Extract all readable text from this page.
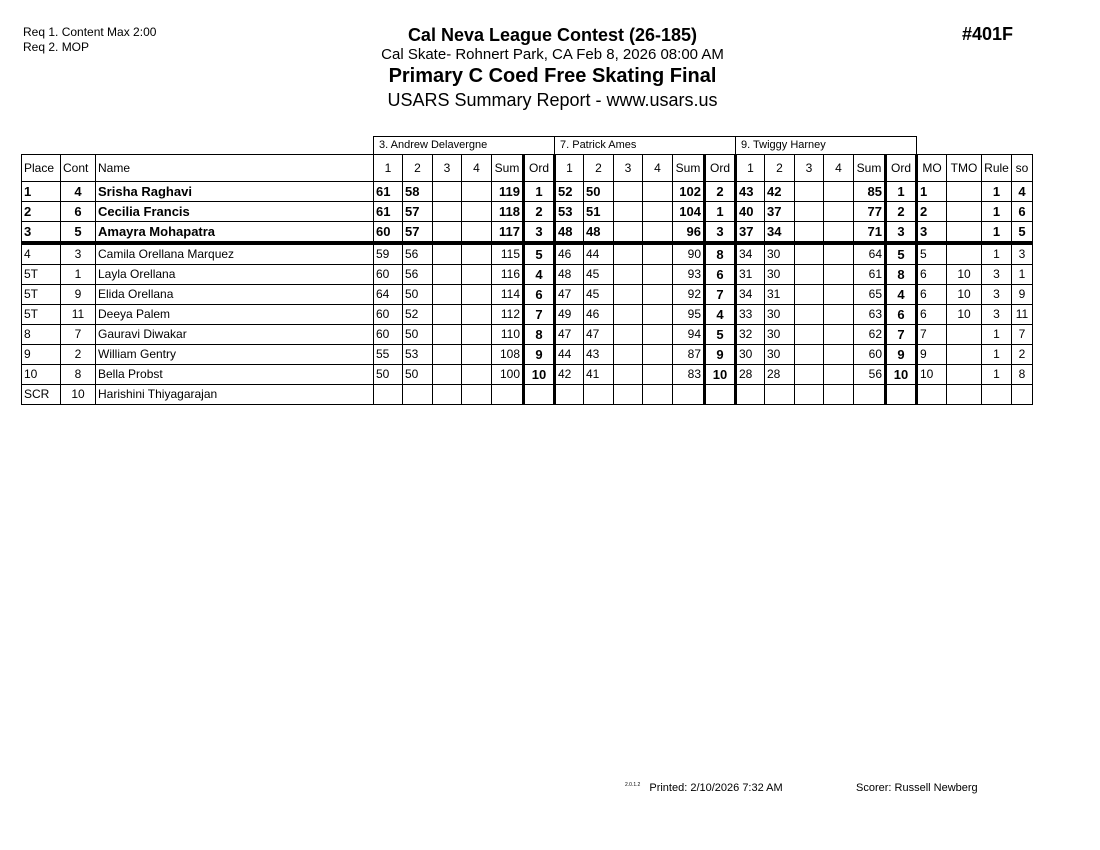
Req 1. Content Max 2:00
Req 2. MOP
Cal Neva League Contest (26-185)
Cal Skate- Rohnert Park, CA Feb 8, 2026 08:00 AM
Primary C Coed Free Skating Final
USARS Summary Report - www.usars.us
#401F
			3. Andrew Delavergne						7. Patrick Ames						9. Twiggy Harney									
Place	Cont	Name	1	2	3	4	Sum	Ord	1	2	3	4	Sum	Ord	1	2	3	4	Sum	Ord	MO	TMO	Rule	so
1	4	Srisha Raghavi	61	58			119	1	52	50			102	2	43	42			85	1	1		1	4
2	6	Cecilia Francis	61	57			118	2	53	51			104	1	40	37			77	2	2		1	6
3	5	Amayra Mohapatra	60	57			117	3	48	48			96	3	37	34			71	3	3		1	5
4	3	Camila Orellana Marquez	59	56			115	5	46	44			90	8	34	30			64	5	5		1	3
5T	1	Layla Orellana	60	56			116	4	48	45			93	6	31	30			61	8	6	10	3	1
5T	9	Elida Orellana	64	50			114	6	47	45			92	7	34	31			65	4	6	10	3	9
5T	11	Deeya Palem	60	52			112	7	49	46			95	4	33	30			63	6	6	10	3	11
8	7	Gauravi Diwakar	60	50			110	8	47	47			94	5	32	30			62	7	7		1	7
9	2	William Gentry	55	53			108	9	44	43			87	9	30	30			60	9	9		1	2
10	8	Bella Probst	50	50			100	10	42	41			83	10	28	28			56	10	10		1	8
SCR	10	Harishini Thiyagarajan																						
$^{2.0.1.2}$ Printed: 2/10/2026 7:32 AM	Scorer: Russell Newberg
